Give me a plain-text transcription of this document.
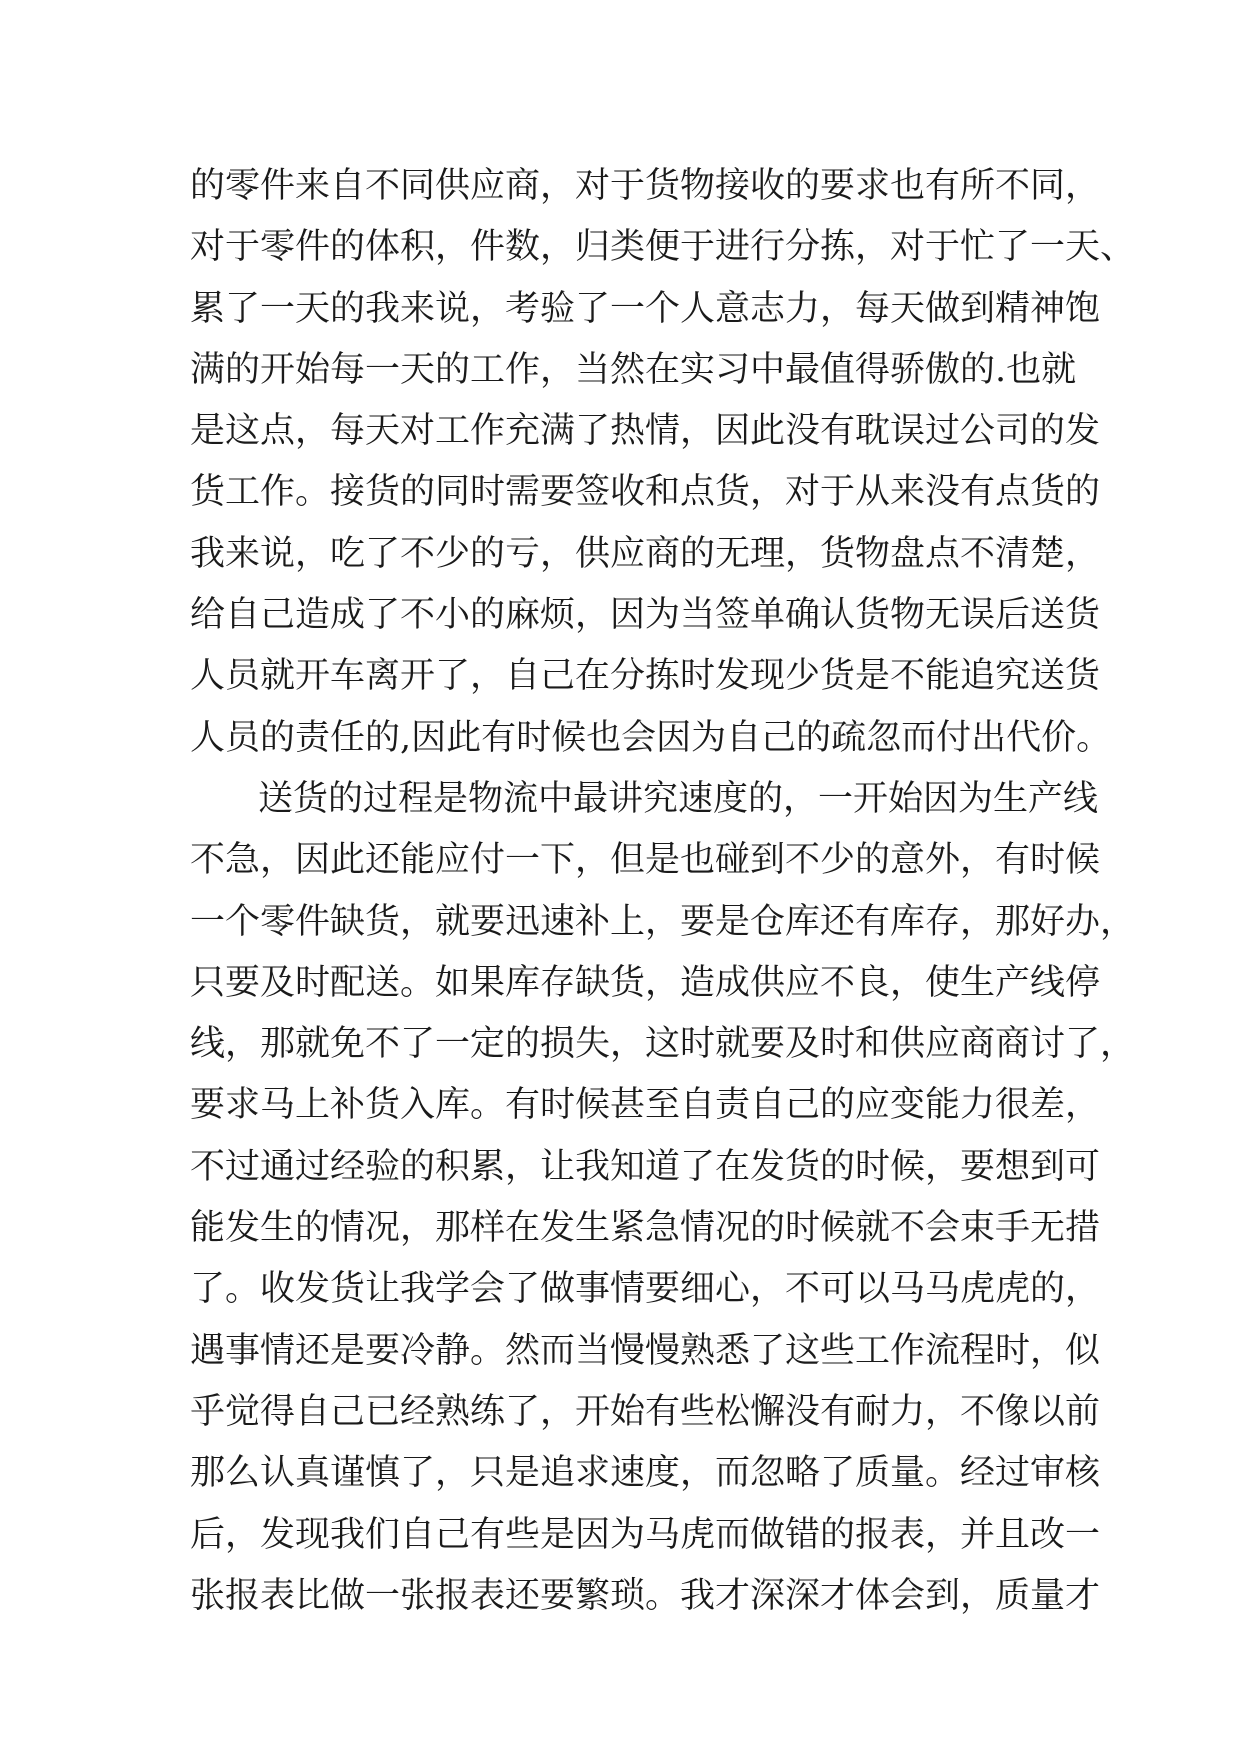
的零件来自不同供应商，对于货物接收的要求也有所不同，
对于零件的体积，件数，归类便于进行分拣，对于忙了一天、
累了一天的我来说，考验了一个人意志力，每天做到精神饱
满的开始每一天的工作，当然在实习中最值得骄傲的.也就
是这点，每天对工作充满了热情，因此没有耽误过公司的发
货工作。接货的同时需要签收和点货，对于从来没有点货的
我来说，吃了不少的亏，供应商的无理，货物盘点不清楚，
给自己造成了不小的麻烦，因为当签单确认货物无误后送货
人员就开车离开了，自己在分拣时发现少货是不能追究送货
人员的责任的,因此有时候也会因为自己的疏忽而付出代价。
送货的过程是物流中最讲究速度的，一开始因为生产线
不急，因此还能应付一下，但是也碰到不少的意外，有时候
一个零件缺货，就要迅速补上，要是仓库还有库存，那好办，
只要及时配送。如果库存缺货，造成供应不良，使生产线停
线，那就免不了一定的损失，这时就要及时和供应商商讨了，
要求马上补货入库。有时候甚至自责自己的应变能力很差，
不过通过经验的积累，让我知道了在发货的时候，要想到可
能发生的情况，那样在发生紧急情况的时候就不会束手无措
了。收发货让我学会了做事情要细心，不可以马马虎虎的，
遇事情还是要冷静。然而当慢慢熟悉了这些工作流程时，似
乎觉得自己已经熟练了，开始有些松懈没有耐力，不像以前
那么认真谨慎了，只是追求速度，而忽略了质量。经过审核
后，发现我们自己有些是因为马虎而做错的报表，并且改一
张报表比做一张报表还要繁琐。我才深深才体会到，质量才
